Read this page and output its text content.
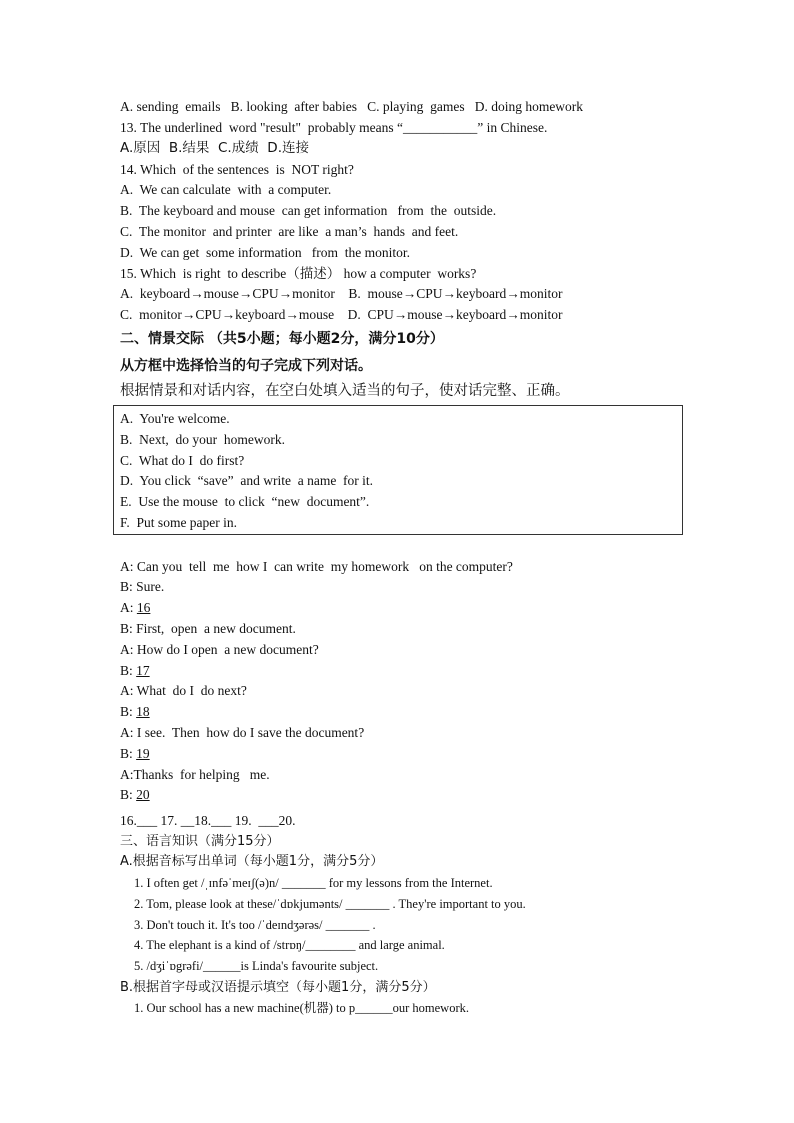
A. sending  emails   B. looking  after babies   C. playing  games   D. doing homework
13. The underlined  word "result"  probably means “___________” in Chinese.
A.原因  B.结果  C.成绩  D.连接
14. Which  of the sentences  is  NOT right?
A.  We can calculate  with  a computer.
B.  The keyboard and mouse  can get information   from  the  outside.
C.  The monitor  and printer  are like  a man’s  hands  and feet.
D.  We can get  some information   from  the monitor.
15. Which  is right  to describe（描述） how a computer  works?
A.  keyboard→mouse→CPU→monitor    B.  mouse→CPU→keyboard→monitor
C.  monitor→CPU→keyboard→mouse    D.  CPU→mouse→keyboard→monitor
二、情景交际 （共5小题；每小题2分，满分10分）
从方框中选择恰当的句子完成下列对话。
根据情景和对话内容，在空白处填入适当的句子，使对话完整、正确。
A.  You're welcome.
B.  Next,  do your  homework.
C.  What do I  do first?
D.  You click  “save”  and write  a name  for it.
E.  Use the mouse  to click  “new  document”.
F.  Put some paper in.
A: Can you  tell  me  how I  can write  my homework   on the computer?
B: Sure.
A: 16
B: First,  open  a new document.
A: How do I open  a new document?
B: 17
A: What  do I  do next?
B: 18
A: I see.  Then  how do I save the document?
B: 19
A:Thanks  for helping   me.
B: 20
16.___ 17. __18.___ 19.  ___20.
三、语言知识（满分15分）
A.根据音标写出单词（每小题1分，满分5分）
1. I often get /ˌɪnfəˈmeɪʃ(ə)n/ _______ for my lessons from the Internet.
2. Tom, please look at these/ˈdɒkjumənts/ _______ . They're important to you.
3. Don't touch it. It's too /ˈdeɪndʒərəs/ _______ .
4. The elephant is a kind of /strɒŋ/________ and large animal.
5. /dʒiˈɒgrəfi/______is Linda's favourite subject.
B.根据首字母或汉语提示填空（每小题1分，满分5分）
1. Our school has a new machine(机器) to p______our homework.
